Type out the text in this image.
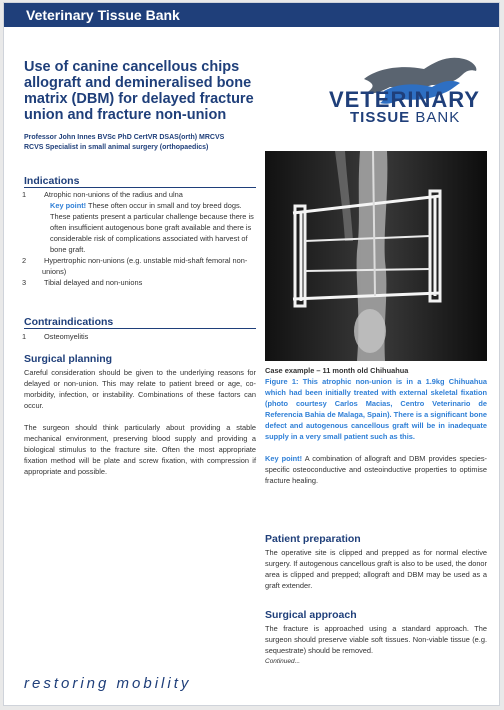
Veterinary Tissue Bank
Use of canine cancellous chips allograft and demineralised bone matrix (DBM) for delayed fracture union and fracture non-union
Professor John Innes BVSc PhD CertVR DSAS(orth) MRCVS
RCVS Specialist in small animal surgery (orthopaedics)
VETERINARY
TISSUE BANK
Indications
1 Atrophic non-unions of the radius and ulna
Key point! These often occur in small and toy breed dogs. These patients present a particular challenge because there is often insufficient autogenous bone graft available and there is considerable risk of complications associated with harvest of bone graft.
2 Hypertrophic non-unions (e.g. unstable mid-shaft femoral non-unions)
3 Tibial delayed and non-unions
Contraindications
1 Osteomyelitis
Surgical planning

Careful consideration should be given to the underlying reasons for delayed or non-union. This may relate to patient breed or age, co-morbidity, infection, or instability. Combinations of these factors can occur.

The surgeon should think particularly about providing a stable mechanical environment, preserving blood supply and providing a biological stimulus to the fracture site. Often the most appropriate fixation method will be plate and screw fixation, with compression if appropriate and possible.

Case example – 11 month old Chihuahua
Figure 1: This atrophic non-union is in a 1.9kg Chihuahua which had been initially treated with external skeletal fixation (photo courtesy Carlos Macias, Centro Veterinario de Referencia Bahia de Malaga, Spain). There is a significant bone defect and autogenous cancellous graft will be in inadequate supply in a very small patient such as this.
Key point! A combination of allograft and DBM provides species-specific osteoconductive and osteoinductive properties to optimise fracture healing.
Patient preparation
The operative site is clipped and prepped as for normal elective surgery. If autogenous cancellous graft is also to be used, the donor area is clipped and prepped; allograft and DBM may be used as a graft extender.
Surgical approach

The fracture is approached using a standard approach. The surgeon should preserve viable soft tissues. Non-viable tissue (e.g. sequestrate) should be removed.

Continued...

restoring mobility
